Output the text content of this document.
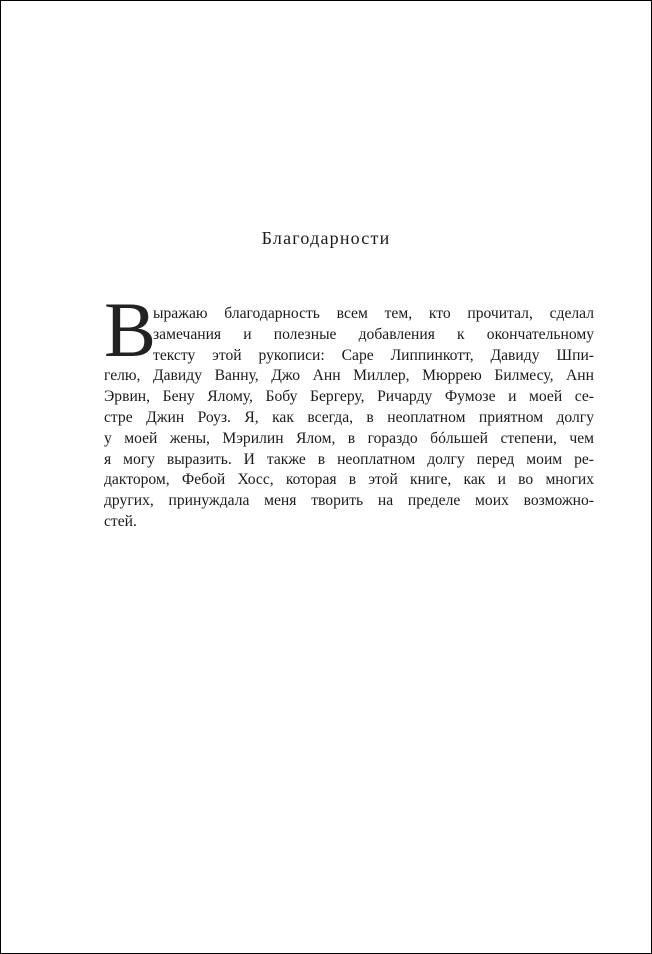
Благодарности
В
ыражаю благодарность всем тем, кто прочитал, сделал
замечания и полезные добавления к окончательному
тексту этой рукописи: Саре Липпинкотт, Давиду Шпи-
гелю, Давиду Ванну, Джо Анн Миллер, Мюррею Билмесу, Анн
Эрвин, Бену Ялому, Бобу Бергеру, Ричарду Фумозе и моей се-
стре Джин Роуз. Я, как всегда, в неоплатном приятном долгу
у моей жены, Мэрилин Ялом, в гораздо бóльшей степени, чем
я могу выразить. И также в неоплатном долгу перед моим ре-
дактором, Фебой Хосс, которая в этой книге, как и во многих
других, принуждала меня творить на пределе моих возможно-
стей.
